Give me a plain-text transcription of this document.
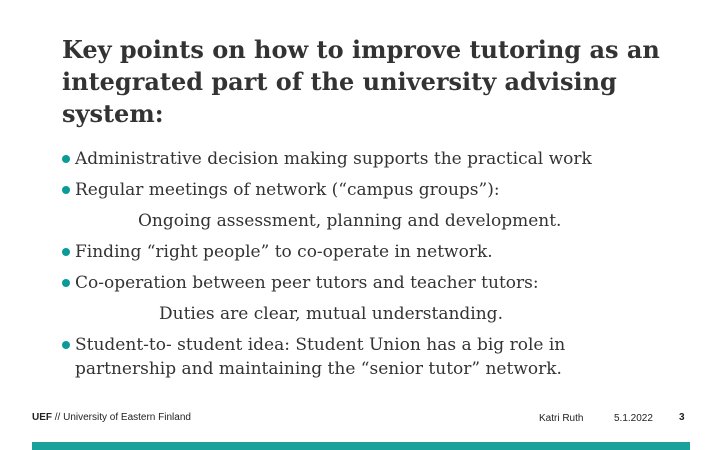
Key points on how to improve tutoring as an
integrated part of the university advising
system:
Administrative decision making supports the practical work
Regular meetings of network (“campus groups”):
Ongoing assessment, planning and development.
Finding “right people” to co-operate in network.
Co-operation between peer tutors and teacher tutors:
Duties are clear, mutual understanding.
Student-to- student idea: Student Union has a big role in
partnership and maintaining the “senior tutor” network.
UEF // University of Eastern Finland	Katri Ruth	5.1.2022	3
